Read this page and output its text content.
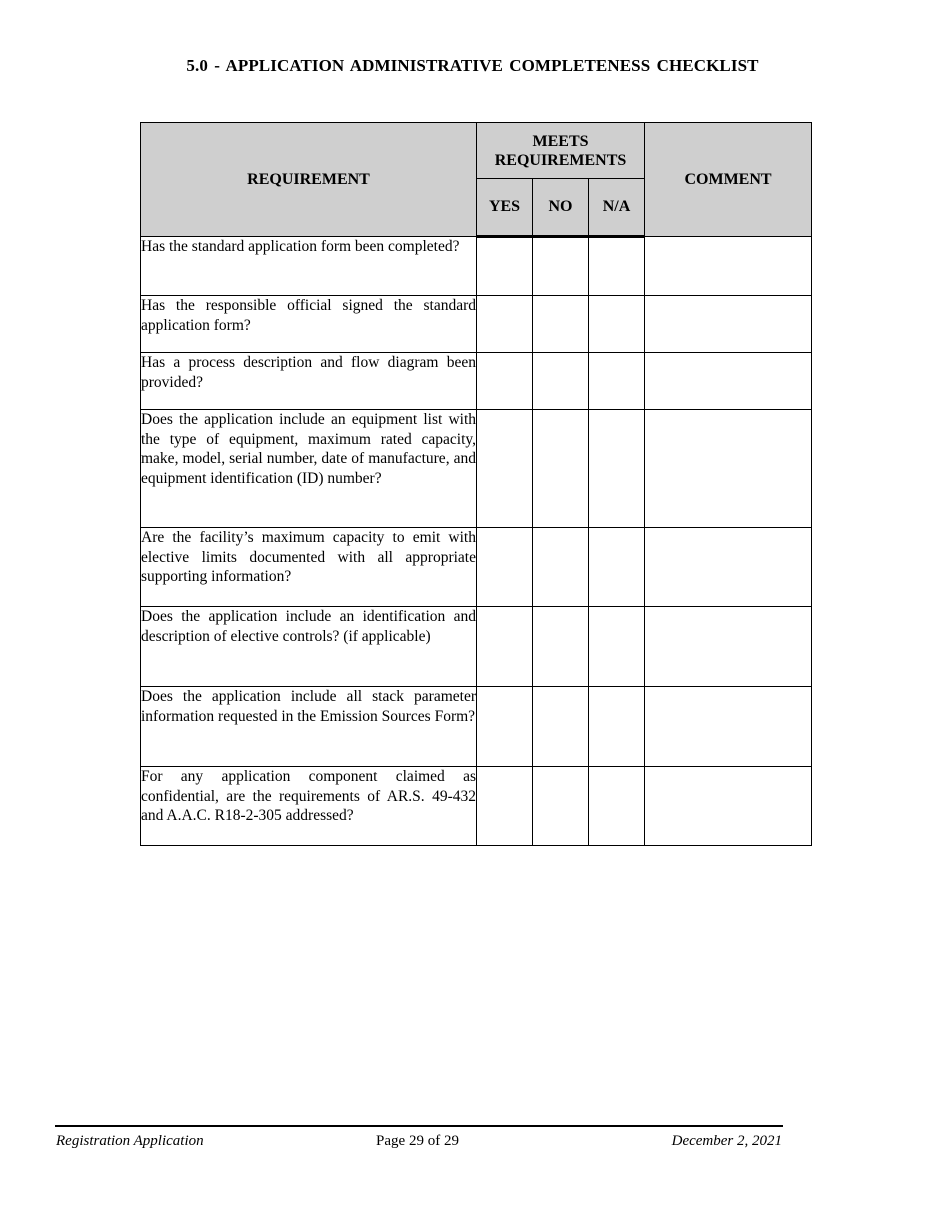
5.0 - APPLICATION ADMINISTRATIVE COMPLETENESS CHECKLIST
REQUIREMENT	MEETS REQUIREMENTS			COMMENT
	YES	NO	N/A	
Has the standard application form been completed?				
Has the responsible official signed the standard application form?				
Has a process description and flow diagram been provided?				
Does the application include an equipment list with the type of equipment, maximum rated capacity, make, model, serial number, date of manufacture, and equipment identification (ID) number?				
Are the facility’s maximum capacity to emit with elective limits documented with all appropriate supporting information?				
Does the application include an identification and description of elective controls? (if applicable)				
Does the application include all stack parameter information requested in the Emission Sources Form?				
For any application component claimed as confidential, are the requirements of AR.S. 49-432 and A.A.C. R18-2-305 addressed?				
Registration Application	Page 29 of 29	December 2, 2021
